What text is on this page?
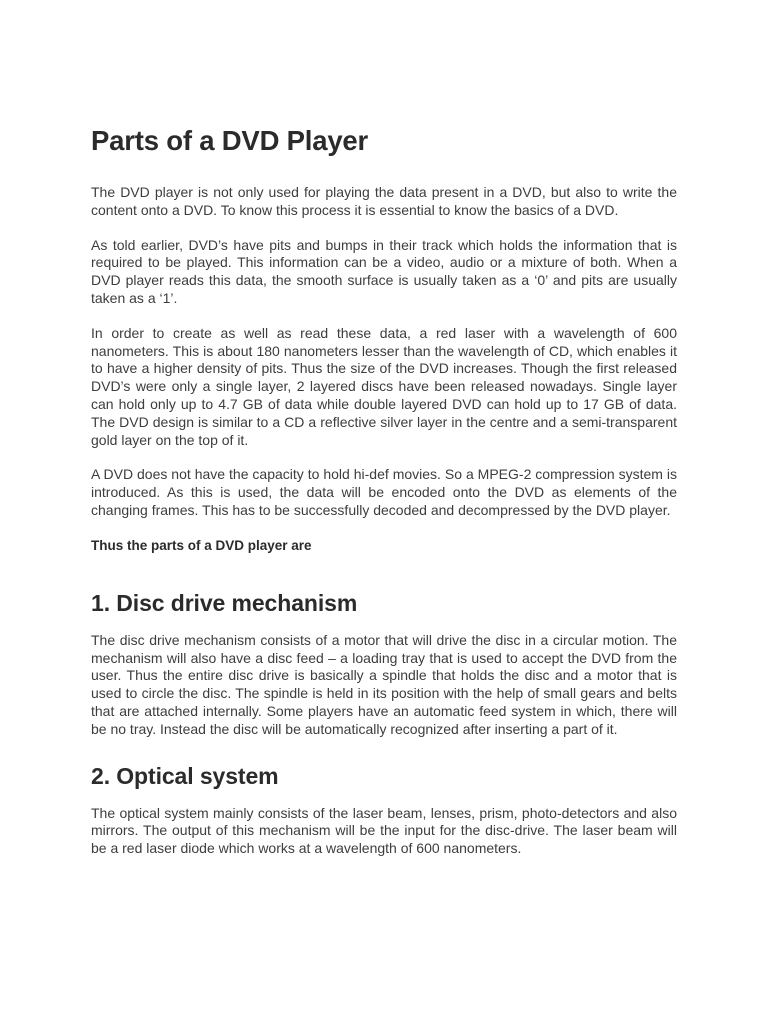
Parts of a DVD Player

The DVD player is not only used for playing the data present in a DVD, but also to write the content onto a DVD. To know this process it is essential to know the basics of a DVD.

As told earlier, DVD’s have pits and bumps in their track which holds the information that is required to be played. This information can be a video, audio or a mixture of both. When a DVD player reads this data, the smooth surface is usually taken as a ‘0’ and pits are usually taken as a ‘1’.

In order to create as well as read these data, a red laser with a wavelength of 600 nanometers. This is about 180 nanometers lesser than the wavelength of CD, which enables it to have a higher density of pits. Thus the size of the DVD increases. Though the first released DVD’s were only a single layer, 2 layered discs have been released nowadays. Single layer can hold only up to 4.7 GB of data while double layered DVD can hold up to 17 GB of data. The DVD design is similar to a CD a reflective silver layer in the centre and a semi-transparent gold layer on the top of it.

A DVD does not have the capacity to hold hi-def movies. So a MPEG-2 compression system is introduced. As this is used, the data will be encoded onto the DVD as elements of the changing frames. This has to be successfully decoded and decompressed by the DVD player.

Thus the parts of a DVD player are

1. Disc drive mechanism

The disc drive mechanism consists of a motor that will drive the disc in a circular motion. The mechanism will also have a disc feed – a loading tray that is used to accept the DVD from the user. Thus the entire disc drive is basically a spindle that holds the disc and a motor that is used to circle the disc. The spindle is held in its position with the help of small gears and belts that are attached internally. Some players have an automatic feed system in which, there will be no tray. Instead the disc will be automatically recognized after inserting a part of it.

2. Optical system

The optical system mainly consists of the laser beam, lenses, prism, photo-detectors and also mirrors. The output of this mechanism will be the input for the disc-drive. The laser beam will be a red laser diode which works at a wavelength of 600 nanometers.
